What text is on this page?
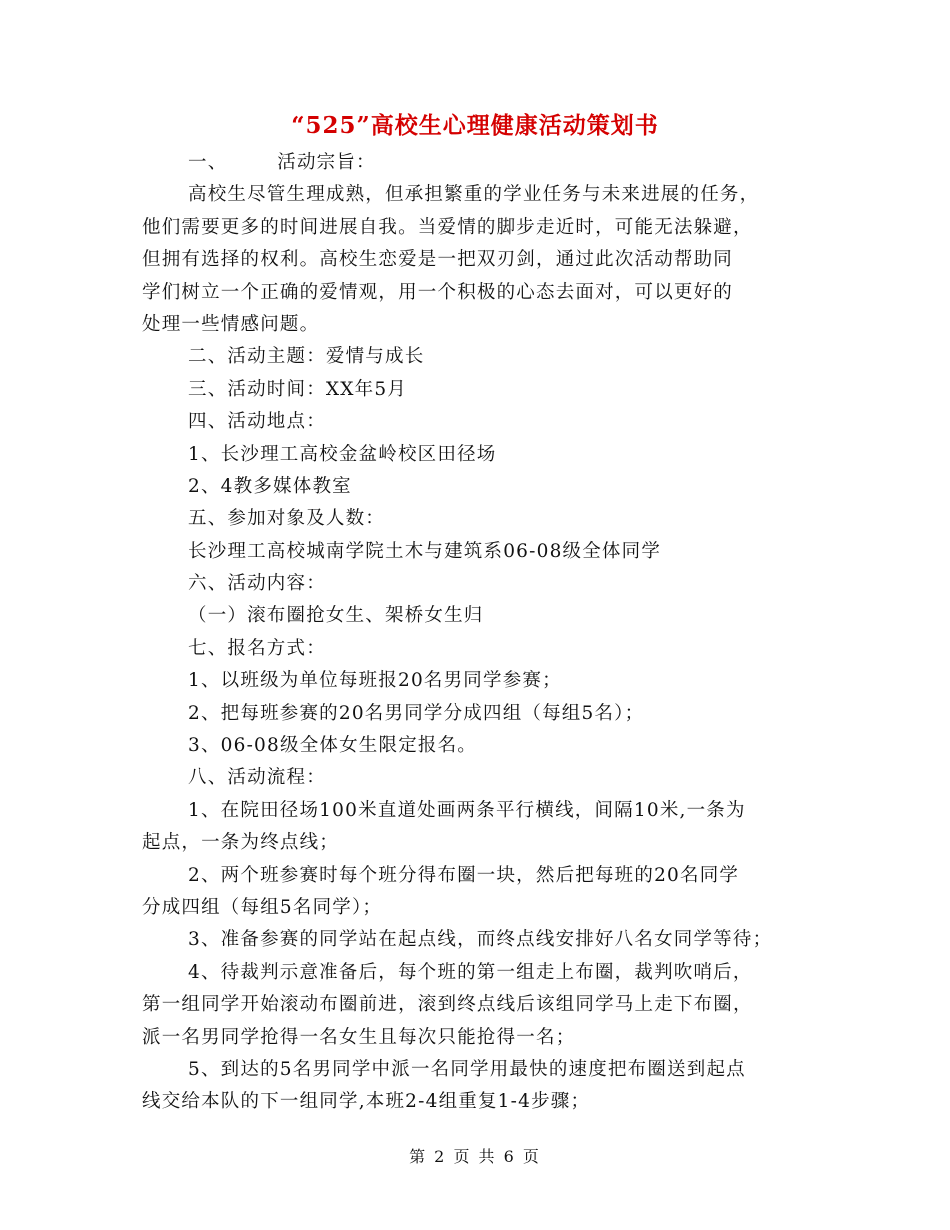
“525”高校生心理健康活动策划书
一、　　　活动宗旨：
高校生尽管生理成熟，但承担繁重的学业任务与未来进展的任务，
他们需要更多的时间进展自我。当爱情的脚步走近时，可能无法躲避，
但拥有选择的权利。高校生恋爱是一把双刃剑，通过此次活动帮助同
学们树立一个正确的爱情观，用一个积极的心态去面对，可以更好的
处理一些情感问题。
二、活动主题：爱情与成长
三、活动时间：XX年5月
四、活动地点：
1、长沙理工高校金盆岭校区田径场
2、4教多媒体教室
五、参加对象及人数：
长沙理工高校城南学院土木与建筑系06-08级全体同学
六、活动内容：
（一）滚布圈抢女生、架桥女生归
七、报名方式：
1、以班级为单位每班报20名男同学参赛；
2、把每班参赛的20名男同学分成四组（每组5名）；
3、06-08级全体女生限定报名。
八、活动流程：
1、在院田径场100米直道处画两条平行横线，间隔10米,一条为
起点，一条为终点线；
2、两个班参赛时每个班分得布圈一块，然后把每班的20名同学
分成四组（每组5名同学）；
3、准备参赛的同学站在起点线，而终点线安排好八名女同学等待；
4、待裁判示意准备后，每个班的第一组走上布圈，裁判吹哨后，
第一组同学开始滚动布圈前进，滚到终点线后该组同学马上走下布圈，
派一名男同学抢得一名女生且每次只能抢得一名；
5、到达的5名男同学中派一名同学用最快的速度把布圈送到起点
线交给本队的下一组同学,本班2-4组重复1-4步骤；
第 2 页 共 6 页
